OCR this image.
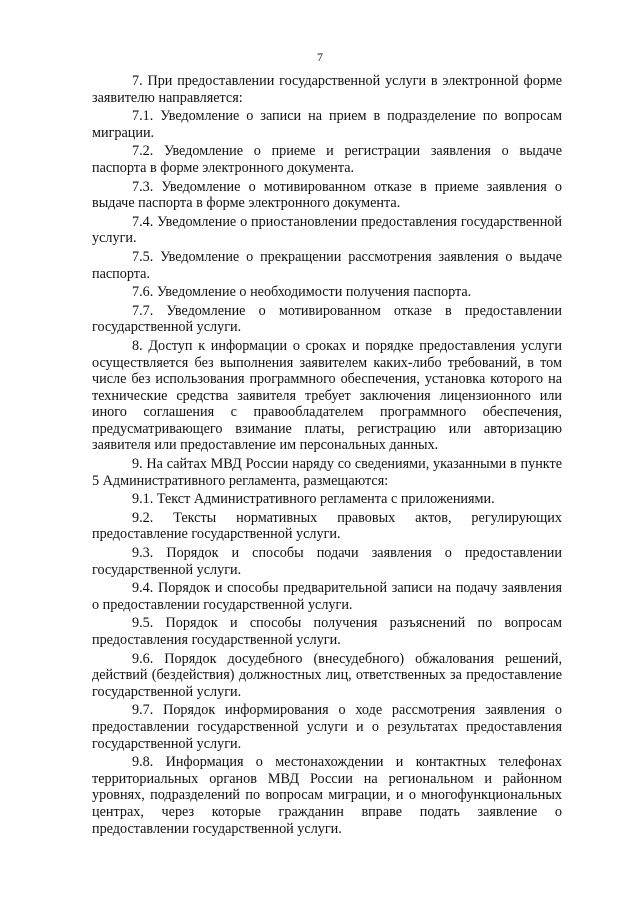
7

7. При предоставлении государственной услуги в электронной форме заявителю направляется:

7.1. Уведомление о записи на прием в подразделение по вопросам миграции.

7.2. Уведомление о приеме и регистрации заявления о выдаче паспорта в форме электронного документа.

7.3. Уведомление о мотивированном отказе в приеме заявления о выдаче паспорта в форме электронного документа.

7.4. Уведомление о приостановлении предоставления государственной услуги.

7.5. Уведомление о прекращении рассмотрения заявления о выдаче паспорта.

7.6. Уведомление о необходимости получения паспорта.

7.7. Уведомление о мотивированном отказе в предоставлении государственной услуги.

8. Доступ к информации о сроках и порядке предоставления услуги осуществляется без выполнения заявителем каких-либо требований, в том числе без использования программного обеспечения, установка которого на технические средства заявителя требует заключения лицензионного или иного соглашения с правообладателем программного обеспечения, предусматривающего взимание платы, регистрацию или авторизацию заявителя или предоставление им персональных данных.

9. На сайтах МВД России наряду со сведениями, указанными в пункте 5 Административного регламента, размещаются:

9.1. Текст Административного регламента с приложениями.

9.2. Тексты нормативных правовых актов, регулирующих предоставление государственной услуги.

9.3. Порядок и способы подачи заявления о предоставлении государственной услуги.

9.4. Порядок и способы предварительной записи на подачу заявления о предоставлении государственной услуги.

9.5. Порядок и способы получения разъяснений по вопросам предоставления государственной услуги.

9.6. Порядок досудебного (внесудебного) обжалования решений, действий (бездействия) должностных лиц, ответственных за предоставление государственной услуги.

9.7. Порядок информирования о ходе рассмотрения заявления о предоставлении государственной услуги и о результатах предоставления государственной услуги.

9.8. Информация о местонахождении и контактных телефонах территориальных органов МВД России на региональном и районном уровнях, подразделений по вопросам миграции, и о многофункциональных центрах, через которые гражданин вправе подать заявление о предоставлении государственной услуги.
